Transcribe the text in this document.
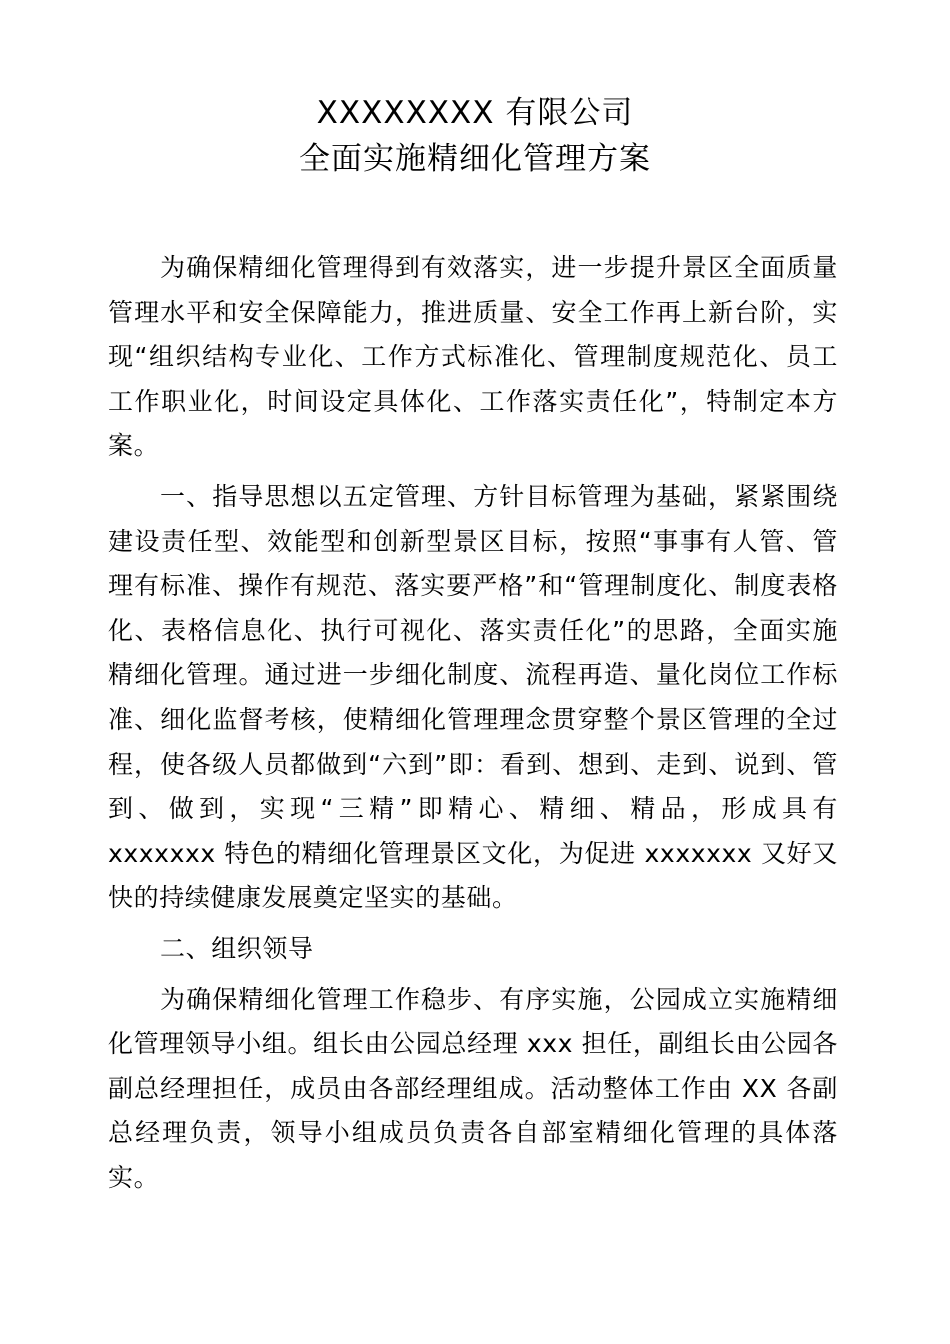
XXXXXXXX 有限公司
全面实施精细化管理方案

为确保精细化管理得到有效落实，进一步提升景区全面质量管理水平和安全保障能力，推进质量、安全工作再上新台阶，实现“组织结构专业化、工作方式标准化、管理制度规范化、员工工作职业化，时间设定具体化、工作落实责任化”，特制定本方案。

一、指导思想以五定管理、方针目标管理为基础，紧紧围绕建设责任型、效能型和创新型景区目标，按照“事事有人管、管理有标准、操作有规范、落实要严格”和“管理制度化、制度表格化、表格信息化、执行可视化、落实责任化”的思路，全面实施精细化管理。通过进一步细化制度、流程再造、量化岗位工作标准、细化监督考核，使精细化管理理念贯穿整个景区管理的全过程，使各级人员都做到“六到”即：看到、想到、走到、说到、管到、做到，实现“三精”即精心、精细、精品，形成具有 xxxxxxx 特色的精细化管理景区文化，为促进 xxxxxxx 又好又快的持续健康发展奠定坚实的基础。

二、组织领导

为确保精细化管理工作稳步、有序实施，公园成立实施精细化管理领导小组。组长由公园总经理 xxx 担任，副组长由公园各副总经理担任，成员由各部经理组成。活动整体工作由 XX 各副总经理负责，领导小组成员负责各自部室精细化管理的具体落实。
